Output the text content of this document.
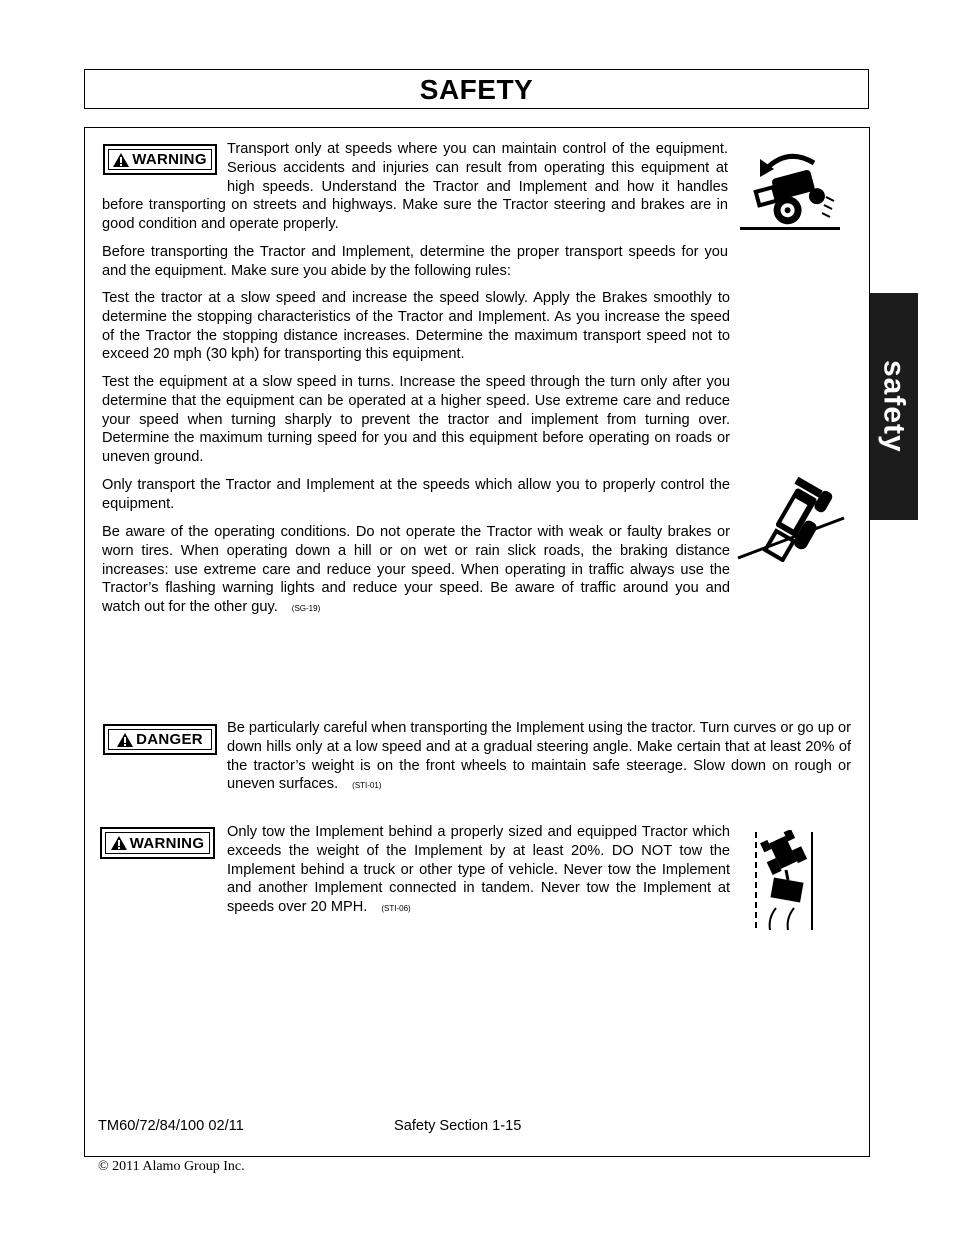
SAFETY
safety
WARNING
Transport only at speeds where you can maintain control of the equipment. Serious accidents and injuries can result from operating this equipment at high speeds. Understand the Tractor and Implement and how it handles before transporting on streets and highways. Make sure the Tractor steering and brakes are in good condition and operate properly.

Before transporting the Tractor and Implement, determine the proper transport speeds for you and the equipment. Make sure you abide by the following rules:

Test the tractor at a slow speed and increase the speed slowly. Apply the Brakes smoothly to determine the stopping characteristics of the Tractor and Implement. As you increase the speed of the Tractor the stopping distance increases. Determine the maximum transport speed not to exceed 20 mph (30 kph) for transporting this equipment.

Test the equipment at a slow speed in turns. Increase the speed through the turn only after you determine that the equipment can be operated at a higher speed. Use extreme care and reduce your speed when turning sharply to prevent the tractor and implement from turning over. Determine the maximum turning speed for you and this equipment before operating on roads or uneven ground.

Only transport the Tractor and Implement at the speeds which allow you to properly control the equipment.

Be aware of the operating conditions. Do not operate the Tractor with weak or faulty brakes or worn tires. When operating down a hill or on wet or rain slick roads, the braking distance increases: use extreme care and reduce your speed. When operating in traffic always use the Tractor’s flashing warning lights and reduce your speed. Be aware of traffic around you and watch out for the other guy. (SG-19)

DANGER

Be particularly careful when transporting the Implement using the tractor. Turn curves or go up or down hills only at a low speed and at a gradual steering angle. Make certain that at least 20% of the tractor’s weight is on the front wheels to maintain safe steerage. Slow down on rough or uneven surfaces. (STI-01)

WARNING

Only tow the Implement behind a properly sized and equipped Tractor which exceeds the weight of the Implement by at least 20%. DO NOT tow the Implement behind a truck or other type of vehicle. Never tow the Implement and another Implement connected in tandem. Never tow the Implement at speeds over 20 MPH. (STI-06)

TM60/72/84/100 02/11	Safety Section 1-15
© 2011 Alamo Group Inc.
